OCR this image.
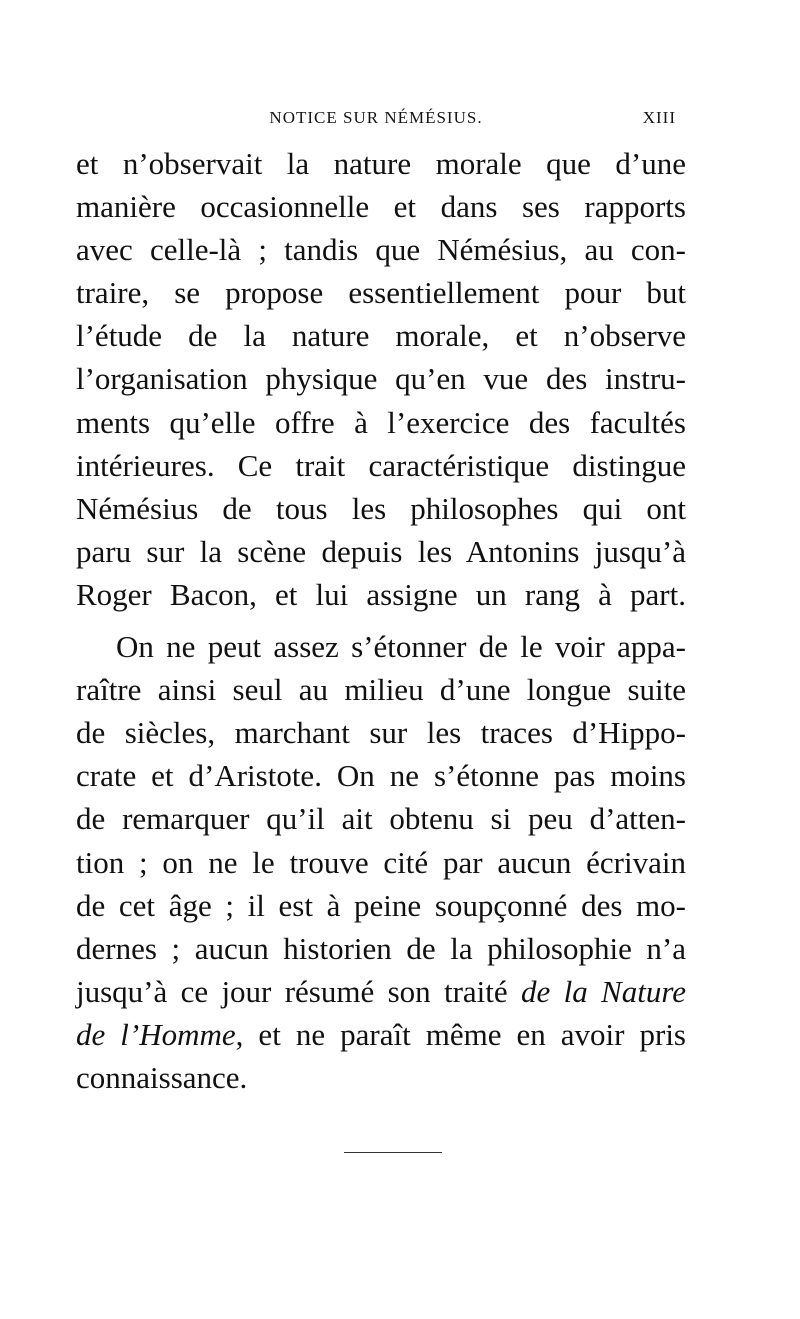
NOTICE SUR NÉMÉSIUS.	XIII

et n’observait la nature morale que d’une
manière occasionnelle et dans ses rapports
avec celle-là ; tandis que Némésius, au con-
traire, se propose essentiellement pour but
l’étude de la nature morale, et n’observe
l’organisation physique qu’en vue des instru-
ments qu’elle offre à l’exercice des facultés
intérieures. Ce trait caractéristique distingue
Némésius de tous les philosophes qui ont
paru sur la scène depuis les Antonins jusqu’à
Roger Bacon, et lui assigne un rang à part.

On ne peut assez s’étonner de le voir appa-
raître ainsi seul au milieu d’une longue suite
de siècles, marchant sur les traces d’Hippo-
crate et d’Aristote. On ne s’étonne pas moins
de remarquer qu’il ait obtenu si peu d’atten-
tion ; on ne le trouve cité par aucun écrivain
de cet âge ; il est à peine soupçonné des mo-
dernes ; aucun historien de la philosophie n’a
jusqu’à ce jour résumé son traité de la Nature
de l’Homme, et ne paraît même en avoir pris
connaissance.
